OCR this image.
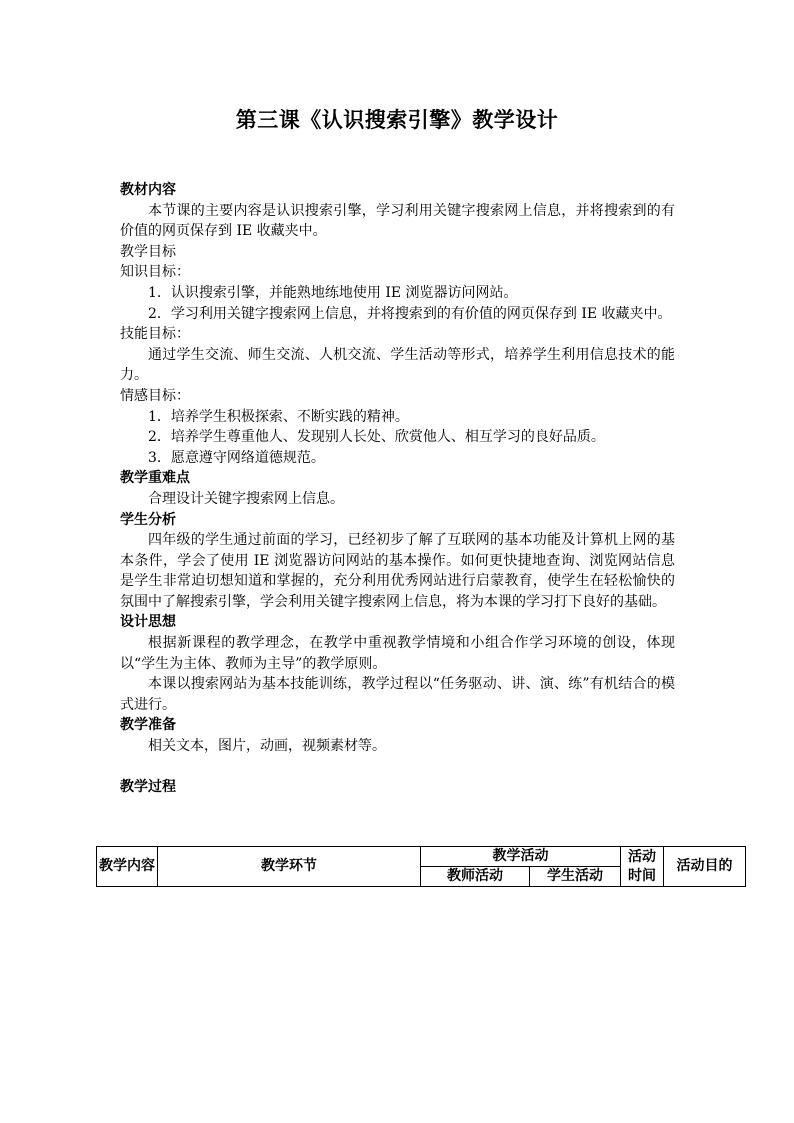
第三课《认识搜索引擎》教学设计

教材内容

本节课的主要内容是认识搜索引擎，学习利用关键字搜索网上信息，并将搜索到的有价值的网页保存到 IE 收藏夹中。

教学目标

知识目标：

1．认识搜索引擎，并能熟地练地使用 IE 浏览器访问网站。

2．学习利用关键字搜索网上信息，并将搜索到的有价值的网页保存到 IE 收藏夹中。

技能目标：

通过学生交流、师生交流、人机交流、学生活动等形式，培养学生利用信息技术的能力。

情感目标：

1．培养学生积极探索、不断实践的精神。

2．培养学生尊重他人、发现别人长处、欣赏他人、相互学习的良好品质。

3．愿意遵守网络道德规范。

教学重难点

合理设计关键字搜索网上信息。

学生分析

四年级的学生通过前面的学习，已经初步了解了互联网的基本功能及计算机上网的基本条件，学会了使用 IE 浏览器访问网站的基本操作。如何更快捷地查询、浏览网站信息是学生非常迫切想知道和掌握的，充分利用优秀网站进行启蒙教育，使学生在轻松愉快的氛围中了解搜索引擎，学会利用关键字搜索网上信息，将为本课的学习打下良好的基础。

设计思想

根据新课程的教学理念，在教学中重视教学情境和小组合作学习环境的创设，体现以“学生为主体、教师为主导”的教学原则。

本课以搜索网站为基本技能训练，教学过程以“任务驱动、讲、演、练”有机结合的模式进行。

教学准备

相关文本，图片，动画，视频素材等。

教学过程

教学内容	教学环节	教学活动		活动时间	活动目的
		教师活动	学生活动		
